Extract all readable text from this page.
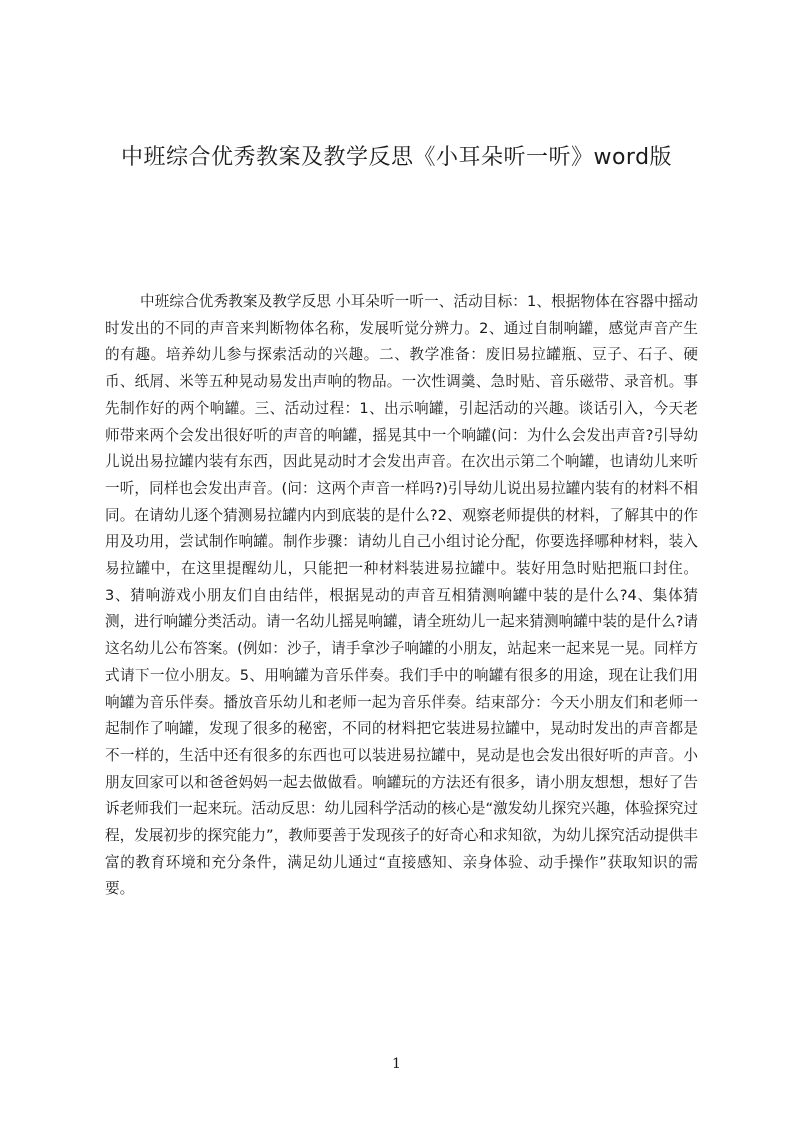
中班综合优秀教案及教学反思《小耳朵听一听》word版

中班综合优秀教案及教学反思 小耳朵听一听一、活动目标：1、根据物体在容器中摇动时发出的不同的声音来判断物体名称，发展听觉分辨力。2、通过自制响罐，感觉声音产生的有趣。培养幼儿参与探索活动的兴趣。二、教学准备：废旧易拉罐瓶、豆子、石子、硬币、纸屑、米等五种晃动易发出声响的物品。一次性调羹、急时贴、音乐磁带、录音机。事先制作好的两个响罐。三、活动过程：1、出示响罐，引起活动的兴趣。谈话引入，今天老师带来两个会发出很好听的声音的响罐，摇晃其中一个响罐(问：为什么会发出声音?引导幼儿说出易拉罐内装有东西，因此晃动时才会发出声音。在次出示第二个响罐，也请幼儿来听一听，同样也会发出声音。(问：这两个声音一样吗?)引导幼儿说出易拉罐内装有的材料不相同。在请幼儿逐个猜测易拉罐内内到底装的是什么?2、观察老师提供的材料，了解其中的作用及功用，尝试制作响罐。制作步骤：请幼儿自己小组讨论分配，你要选择哪种材料，装入易拉罐中，在这里提醒幼儿，只能把一种材料装进易拉罐中。装好用急时贴把瓶口封住。3、猜响游戏小朋友们自由结伴，根据晃动的声音互相猜测响罐中装的是什么?4、集体猜测，进行响罐分类活动。请一名幼儿摇晃响罐，请全班幼儿一起来猜测响罐中装的是什么?请这名幼儿公布答案。(例如：沙子，请手拿沙子响罐的小朋友，站起来一起来晃一晃。同样方式请下一位小朋友。5、用响罐为音乐伴奏。我们手中的响罐有很多的用途，现在让我们用响罐为音乐伴奏。播放音乐幼儿和老师一起为音乐伴奏。结束部分：今天小朋友们和老师一起制作了响罐，发现了很多的秘密，不同的材料把它装进易拉罐中，晃动时发出的声音都是不一样的，生活中还有很多的东西也可以装进易拉罐中，晃动是也会发出很好听的声音。小朋友回家可以和爸爸妈妈一起去做做看。响罐玩的方法还有很多，请小朋友想想，想好了告诉老师我们一起来玩。活动反思：幼儿园科学活动的核心是“激发幼儿探究兴趣，体验探究过程，发展初步的探究能力”，教师要善于发现孩子的好奇心和求知欲，为幼儿探究活动提供丰富的教育环境和充分条件，满足幼儿通过“直接感知、亲身体验、动手操作”获取知识的需要。

1
